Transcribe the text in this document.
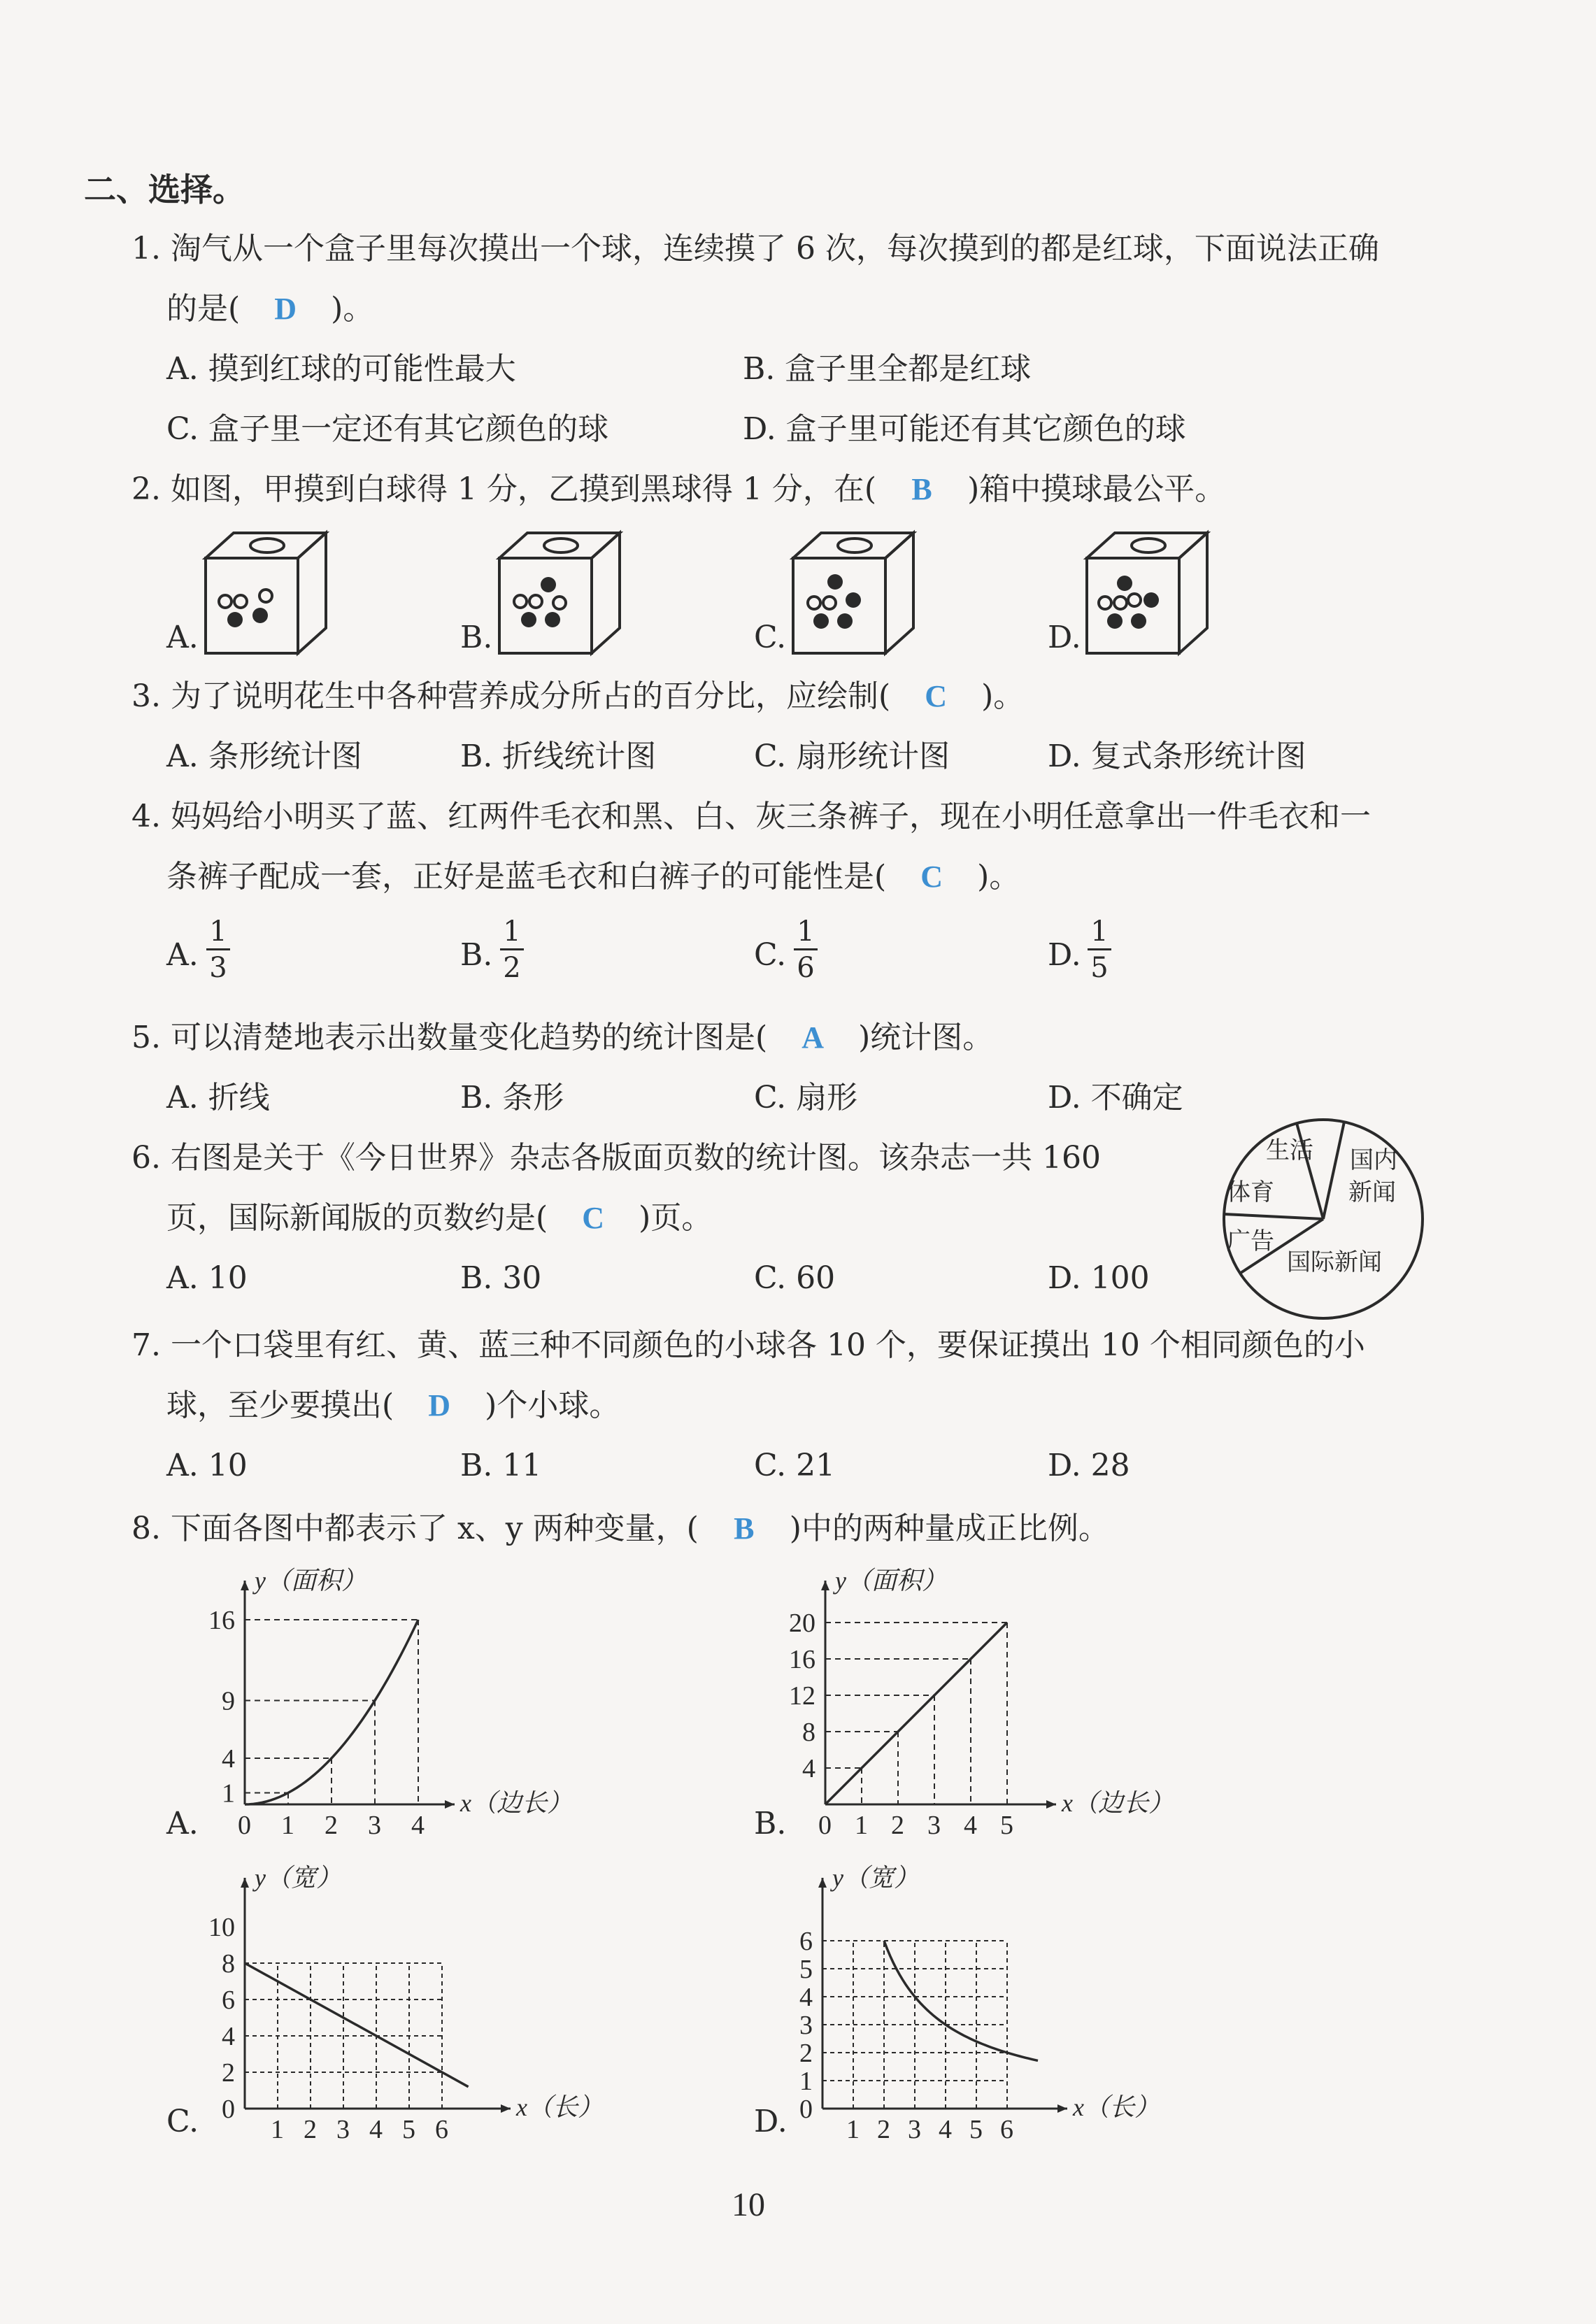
二、选择。
1. 淘气从一个盒子里每次摸出一个球，连续摸了 6 次，每次摸到的都是红球，下面说法正确
的是( D )。
A. 摸到红球的可能性最大	B. 盒子里全都是红球
C. 盒子里一定还有其它颜色的球	D. 盒子里可能还有其它颜色的球
2. 如图，甲摸到白球得 1 分，乙摸到黑球得 1 分，在( B )箱中摸球最公平。
A.	B.	C.	D.
3. 为了说明花生中各种营养成分所占的百分比，应绘制( C )。
A. 条形统计图	B. 折线统计图	C. 扇形统计图	D. 复式条形统计图
4. 妈妈给小明买了蓝、红两件毛衣和黑、白、灰三条裤子，现在小明任意拿出一件毛衣和一
条裤子配成一套，正好是蓝毛衣和白裤子的可能性是( C )。
A.
1
3	B.
1
2	C.
1
6	D.
1
5
5. 可以清楚地表示出数量变化趋势的统计图是( A )统计图。
A. 折线	B. 条形	C. 扇形	D. 不确定
6. 右图是关于《今日世界》杂志各版面页数的统计图。该杂志一共 160
页，国际新闻版的页数约是( C )页。
A. 10	B. 30	C. 60	D. 100
生活 国内
新闻
体育
广告
国际新闻
7. 一个口袋里有红、黄、蓝三种不同颜色的小球各 10 个，要保证摸出 10 个相同颜色的小
球，至少要摸出( D )个小球。
A. 10	B. 11	C. 21	D. 28
8. 下面各图中都表示了 x、y 两种变量，( B )中的两种量成正比例。
A.	B.
C.	D.
y（面积）
x（边长）
0 1 2 3 4
1
4
9
16
y（面积）
x（边长）
0 1 2 3 4 5
4
8
12
16
20
y（宽）
x（长）
1 2 3 4 5 6
0
2
4
6
8
10
y（宽）
x（长）
1 2 3 4 5 6
0
1
2
3
4
5
6
10
